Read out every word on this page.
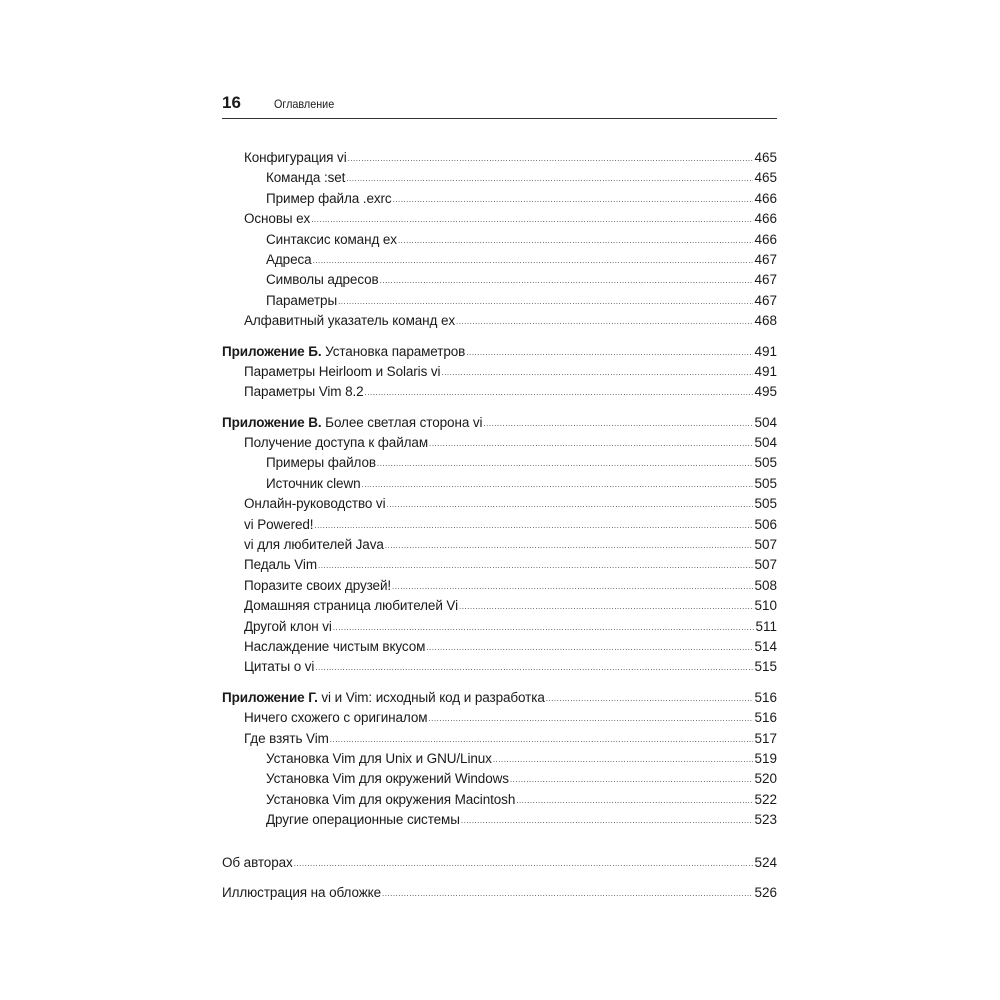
16	Оглавление
Конфигурация vi .....	465
Команда :set .....	465
Пример файла .exrc .....	466
Основы ex .....	466
Синтаксис команд ex .....	466
Адреса .....	467
Символы адресов .....	467
Параметры .....	467
Алфавитный указатель команд ex .....	468
Приложение Б. Установка параметров .....	491
Параметры Heirloom и Solaris vi .....	491
Параметры Vim 8.2 .....	495
Приложение В. Более светлая сторона vi .....	504
Получение доступа к файлам .....	504
Примеры файлов .....	505
Источник clewn .....	505
Онлайн-руководство vi .....	505
vi Powered! .....	506
vi для любителей Java .....	507
Педаль Vim .....	507
Поразите своих друзей! .....	508
Домашняя страница любителей Vi .....	510
Другой клон vi .....	511
Наслаждение чистым вкусом .....	514
Цитаты о vi .....	515
Приложение Г. vi и Vim: исходный код и разработка .....	516
Ничего схожего с оригиналом .....	516
Где взять Vim .....	517
Установка Vim для Unix и GNU/Linux .....	519
Установка Vim для окружений Windows .....	520
Установка Vim для окружения Macintosh .....	522
Другие операционные системы .....	523
Об авторах .....	524
Иллюстрация на обложке .....	526
